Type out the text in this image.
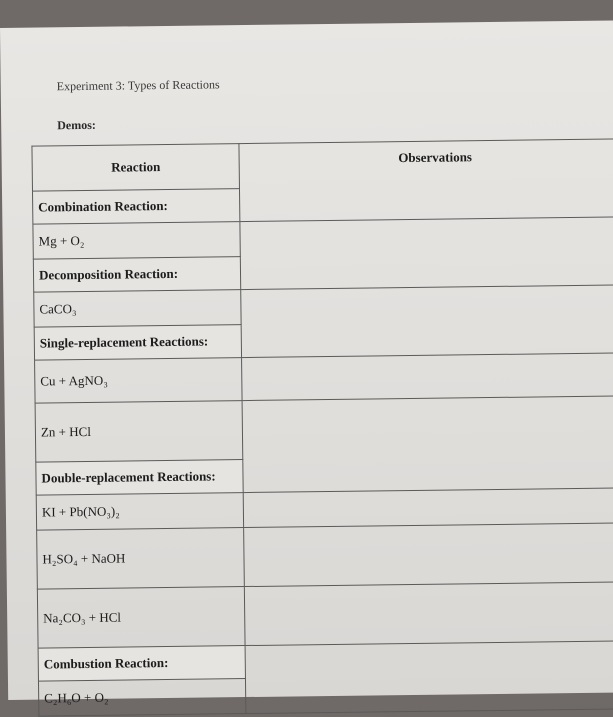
Experiment 3: Types of Reactions
Demos:
Reaction	Observations
Combination Reaction:	
Mg + O₂	
Decomposition Reaction:	
CaCO₃	
Single-replacement Reactions:	
Cu + AgNO₃	
Zn + HCl	
Double-replacement Reactions:	
KI + Pb(NO₃)₂	
H₂SO₄ + NaOH	
Na₂CO₃ + HCl	
Combustion Reaction:	
C₂H₆O + O₂	
